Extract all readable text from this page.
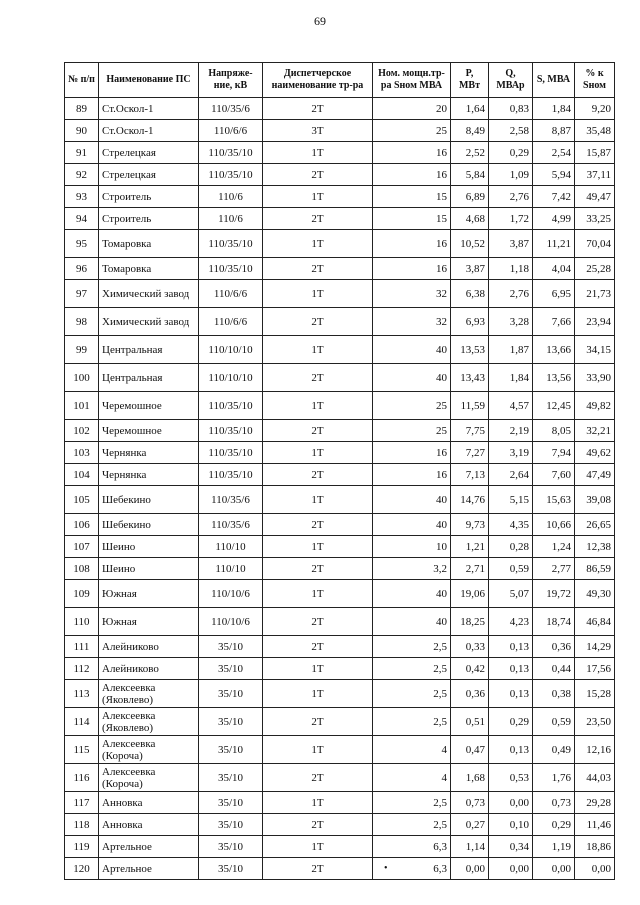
69
№ п/п	Наименование ПС	Напряже-ние, кВ	Диспетчерское наименование тр-ра	Ном. мощн.тр-ра Sном МВА	P, МВт	Q, МВАр	S, МВА	% к Sном
89	Ст.Оскол-1	110/35/6	2Т	20	1,64	0,83	1,84	9,20
90	Ст.Оскол-1	110/6/6	3Т	25	8,49	2,58	8,87	35,48
91	Стрелецкая	110/35/10	1Т	16	2,52	0,29	2,54	15,87
92	Стрелецкая	110/35/10	2Т	16	5,84	1,09	5,94	37,11
93	Строитель	110/6	1Т	15	6,89	2,76	7,42	49,47
94	Строитель	110/6	2Т	15	4,68	1,72	4,99	33,25
95	Томаровка	110/35/10	1Т	16	10,52	3,87	11,21	70,04
96	Томаровка	110/35/10	2Т	16	3,87	1,18	4,04	25,28
97	Химический завод	110/6/6	1Т	32	6,38	2,76	6,95	21,73
98	Химический завод	110/6/6	2Т	32	6,93	3,28	7,66	23,94
99	Центральная	110/10/10	1Т	40	13,53	1,87	13,66	34,15
100	Центральная	110/10/10	2Т	40	13,43	1,84	13,56	33,90
101	Черемошное	110/35/10	1Т	25	11,59	4,57	12,45	49,82
102	Черемошное	110/35/10	2Т	25	7,75	2,19	8,05	32,21
103	Чернянка	110/35/10	1Т	16	7,27	3,19	7,94	49,62
104	Чернянка	110/35/10	2Т	16	7,13	2,64	7,60	47,49
105	Шебекино	110/35/6	1Т	40	14,76	5,15	15,63	39,08
106	Шебекино	110/35/6	2Т	40	9,73	4,35	10,66	26,65
107	Шеино	110/10	1Т	10	1,21	0,28	1,24	12,38
108	Шеино	110/10	2Т	3,2	2,71	0,59	2,77	86,59
109	Южная	110/10/6	1Т	40	19,06	5,07	19,72	49,30
110	Южная	110/10/6	2Т	40	18,25	4,23	18,74	46,84
111	Алейниково	35/10	2Т	2,5	0,33	0,13	0,36	14,29
112	Алейниково	35/10	1Т	2,5	0,42	0,13	0,44	17,56
113	Алексеевка (Яковлево)	35/10	1Т	2,5	0,36	0,13	0,38	15,28
114	Алексеевка (Яковлево)	35/10	2Т	2,5	0,51	0,29	0,59	23,50
115	Алексеевка (Короча)	35/10	1Т	4	0,47	0,13	0,49	12,16
116	Алексеевка (Короча)	35/10	2Т	4	1,68	0,53	1,76	44,03
117	Анновка	35/10	1Т	2,5	0,73	0,00	0,73	29,28
118	Анновка	35/10	2Т	2,5	0,27	0,10	0,29	11,46
119	Артельное	35/10	1Т	6,3	1,14	0,34	1,19	18,86
120	Артельное	35/10	2Т	6,3	0,00	0,00	0,00	0,00
•
